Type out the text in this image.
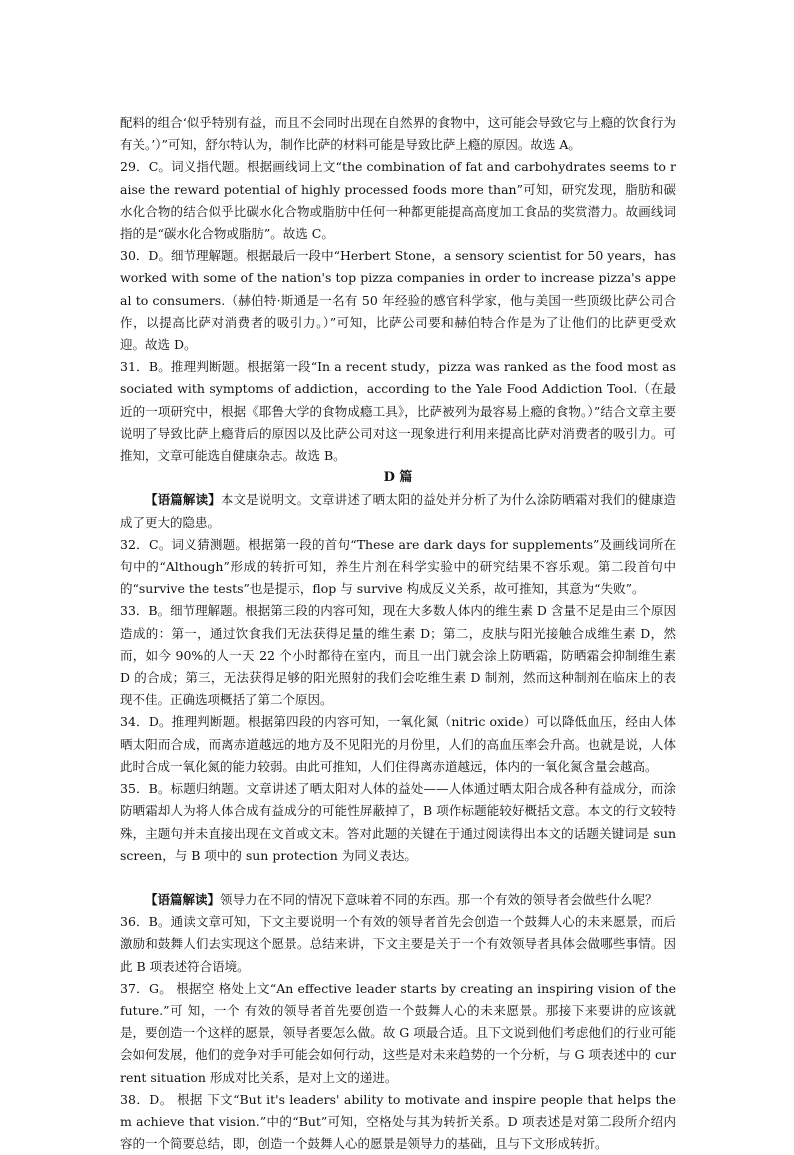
配料的组合‘似乎特别有益，而且不会同时出现在自然界的食物中，这可能会导致它与上瘾的饮食行为有关。’）”可知，舒尔特认为，制作比萨的材料可能是导致比萨上瘾的原因。故选 A。

29．C。词义指代题。根据画线词上文“the combination of fat and carbohydrates seems to raise the reward potential of highly processed foods more than”可知，研究发现，脂肪和碳水化合物的结合似乎比碳水化合物或脂肪中任何一种都更能提高高度加工食品的奖赏潜力。故画线词指的是“碳水化合物或脂肪”。故选 C。

30．D。细节理解题。根据最后一段中“Herbert Stone，a sensory scientist for 50 years，has worked with some of the nation's top pizza companies in order to increase pizza's appeal to consumers.（赫伯特·斯通是一名有 50 年经验的感官科学家，他与美国一些顶级比萨公司合作，以提高比萨对消费者的吸引力。）”可知，比萨公司要和赫伯特合作是为了让他们的比萨更受欢迎。故选 D。

31．B。推理判断题。根据第一段“In a recent study，pizza was ranked as the food most associated with symptoms of addiction，according to the Yale Food Addiction Tool.（在最近的一项研究中，根据《耶鲁大学的食物成瘾工具》，比萨被列为最容易上瘾的食物。）”结合文章主要说明了导致比萨上瘾背后的原因以及比萨公司对这一现象进行利用来提高比萨对消费者的吸引力。可推知，文章可能选自健康杂志。故选 B。

D 篇

【语篇解读】本文是说明文。文章讲述了晒太阳的益处并分析了为什么涂防晒霜对我们的健康造成了更大的隐患。

32．C。词义猜测题。根据第一段的首句“These are dark days for supplements”及画线词所在句中的“Although”形成的转折可知，养生片剂在科学实验中的研究结果不容乐观。第二段首句中的“survive the tests”也是提示，flop 与 survive 构成反义关系，故可推知，其意为“失败”。

33．B。细节理解题。根据第三段的内容可知，现在大多数人体内的维生素 D 含量不足是由三个原因造成的：第一，通过饮食我们无法获得足量的维生素 D；第二，皮肤与阳光接触合成维生素 D，然而，如今 90%的人一天 22 个小时都待在室内，而且一出门就会涂上防晒霜，防晒霜会抑制维生素 D 的合成；第三，无法获得足够的阳光照射的我们会吃维生素 D 制剂，然而这种制剂在临床上的表现不佳。正确选项概括了第二个原因。

34．D。推理判断题。根据第四段的内容可知，一氧化氮（nitric oxide）可以降低血压，经由人体晒太阳而合成，而离赤道越远的地方及不见阳光的月份里，人们的高血压率会升高。也就是说，人体此时合成一氧化氮的能力较弱。由此可推知，人们住得离赤道越远，体内的一氧化氮含量会越高。

35．B。标题归纳题。文章讲述了晒太阳对人体的益处——人体通过晒太阳合成各种有益成分，而涂防晒霜却人为将人体合成有益成分的可能性屏蔽掉了，B 项作标题能较好概括文意。本文的行文较特殊，主题句并未直接出现在文首或文末。答对此题的关键在于通过阅读得出本文的话题关键词是 sunscreen，与 B 项中的 sun protection 为同义表达。

【语篇解读】领导力在不同的情况下意味着不同的东西。那一个有效的领导者会做些什么呢？

36．B。通读文章可知，下文主要说明一个有效的领导者首先会创造一个鼓舞人心的未来愿景，而后激励和鼓舞人们去实现这个愿景。总结来讲，下文主要是关于一个有效领导者具体会做哪些事情。因此 B 项表述符合语境。

37．G。 根据空 格处上文“An effective leader starts by creating an inspiring vision of the future.”可 知，一个 有效的领导者首先要创造一个鼓舞人心的未来愿景。那接下来要讲的应该就是，要创造一个这样的愿景，领导者要怎么做。故 G 项最合适。且下文说到他们考虑他们的行业可能会如何发展，他们的竞争对手可能会如何行动，这些是对未来趋势的一个分析，与 G 项表述中的 current situation 形成对比关系，是对上文的递进。

38．D。 根据 下文“But it's leaders' ability to motivate and inspire people that helps them achieve that vision.”中的“But”可知，空格处与其为转折关系。D 项表述是对第二段所介绍内容的一个简要总结，即，创造一个鼓舞人心的愿景是领导力的基础，且与下文形成转折。
